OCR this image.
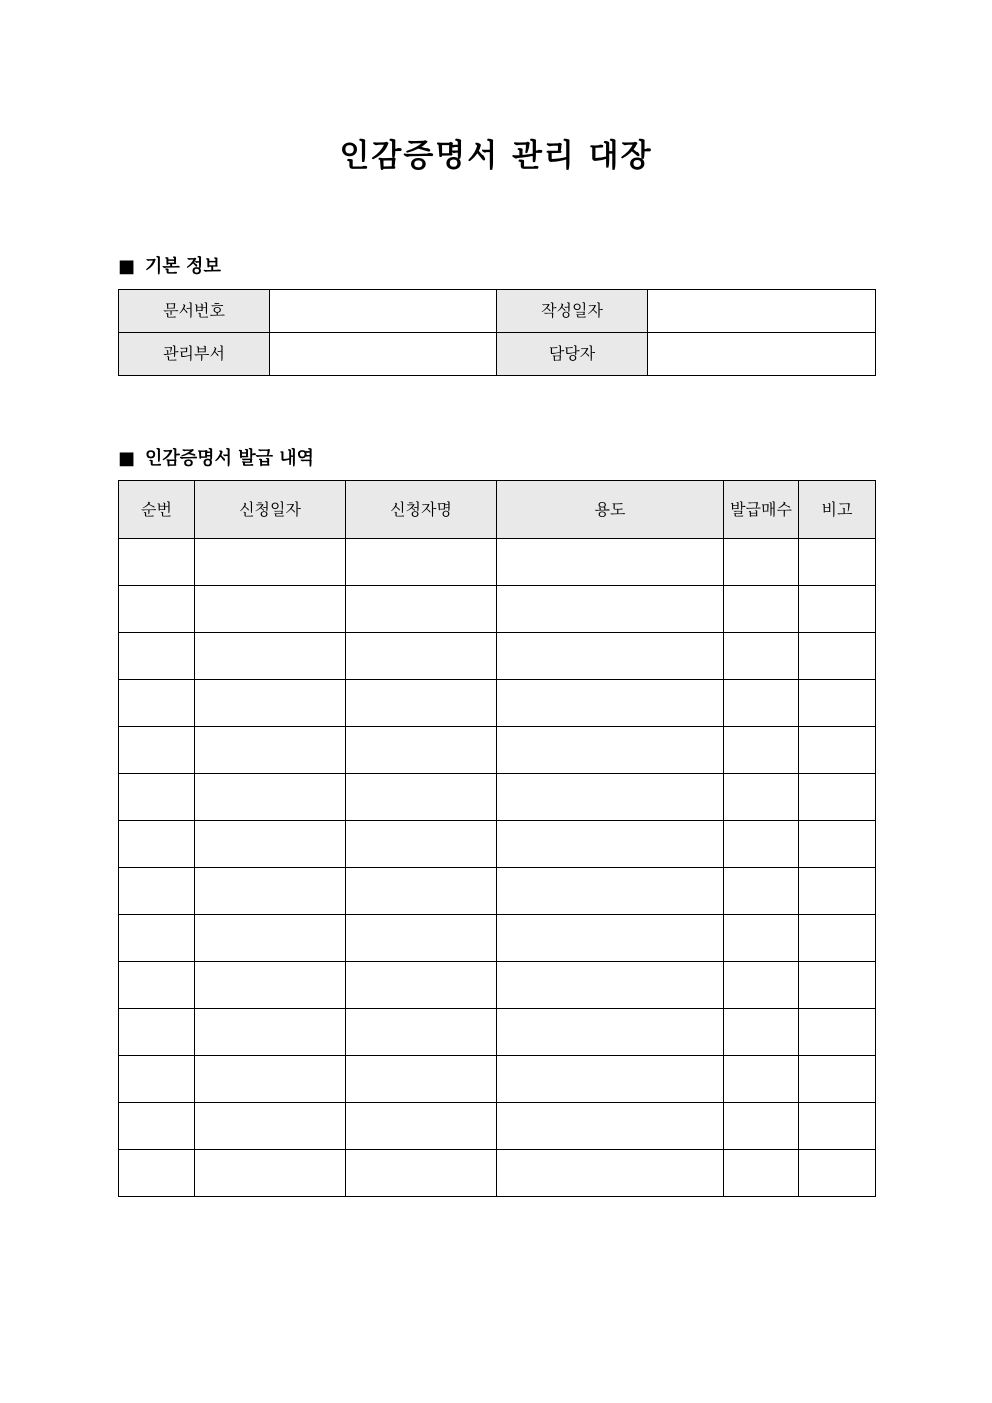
인감증명서 관리 대장
■ 기본 정보
문서번호		작성일자	
관리부서		담당자	
■ 인감증명서 발급 내역
순번	신청일자	신청자명	용도	발급매수	비고
